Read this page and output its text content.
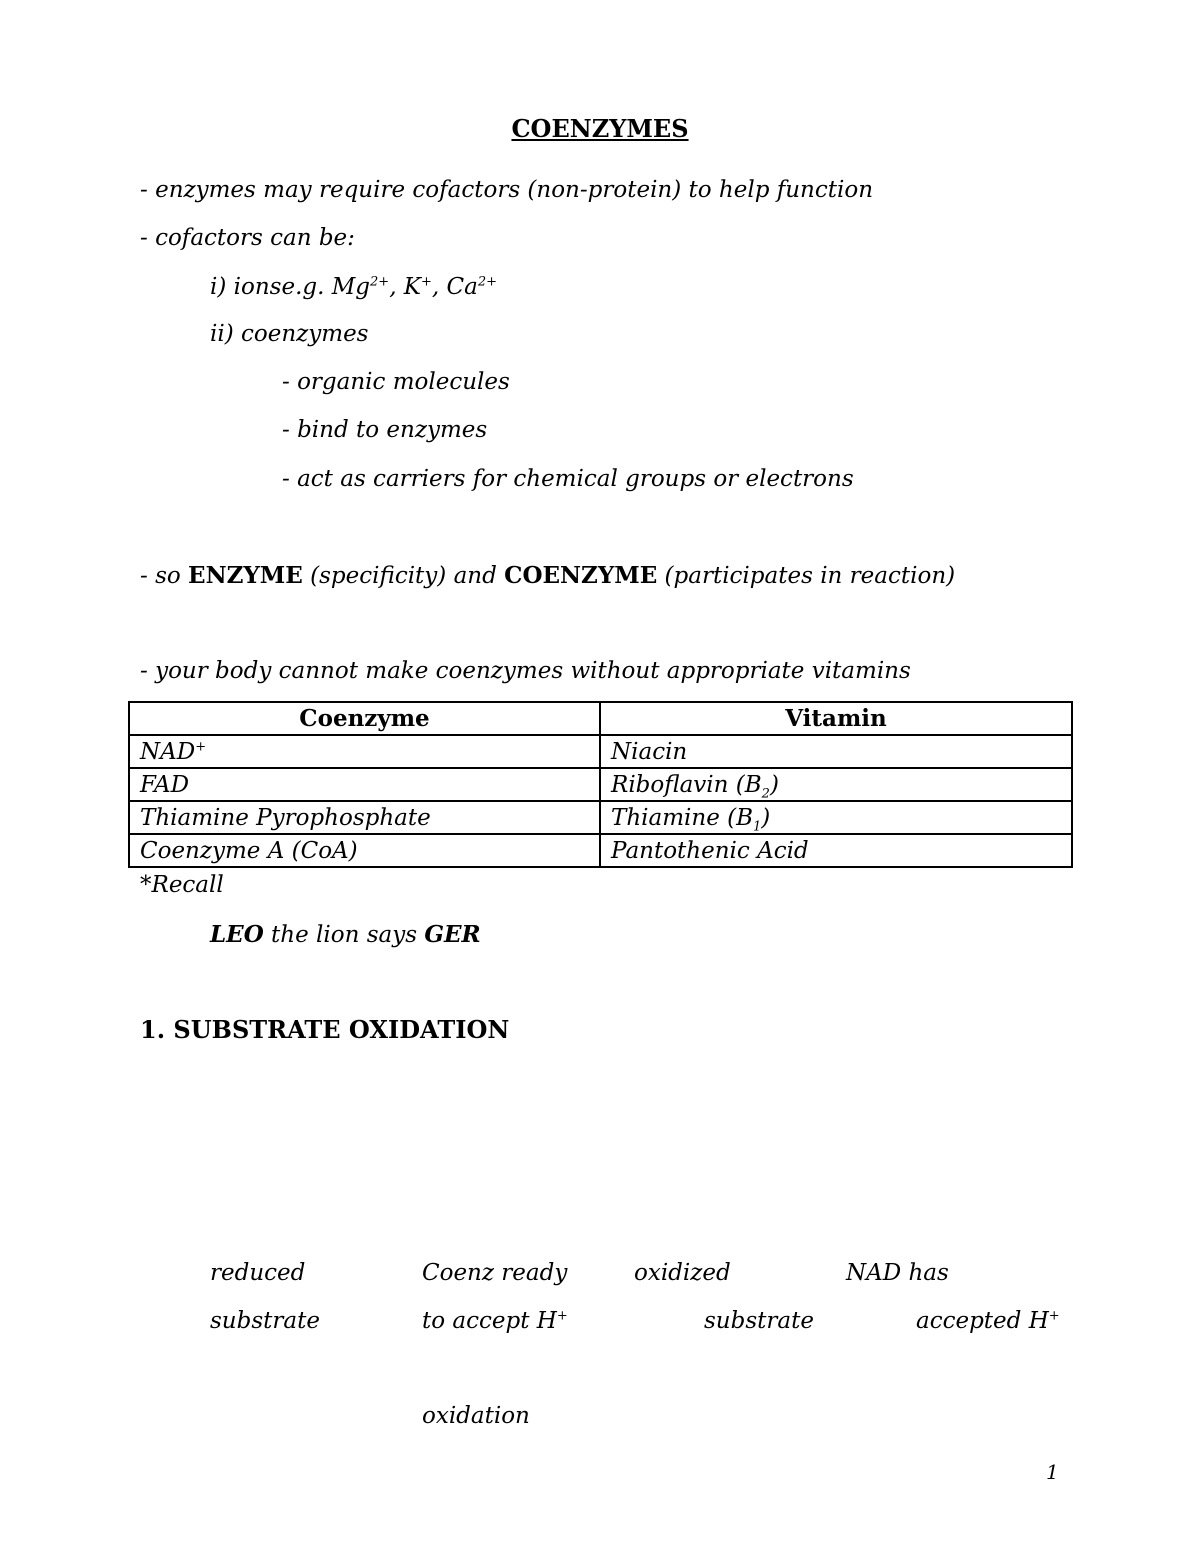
COENZYMES
- enzymes may require cofactors (non-protein) to help function
- cofactors can be:
i) ionse.g. $Mg^{2+}$, K+, $Ca^{2+}$
ii) coenzymes
- organic molecules
- bind to enzymes
- act as carriers for chemical groups or electrons
- so ENZYME (specificity) and COENZYME (participates in reaction)
- your body cannot make coenzymes without appropriate vitamins
Coenzyme	Vitamin
NAD+	Niacin
FAD	Riboflavin $(B_2)$
Thiamine Pyrophosphate	Thiamine $(B_1)$
Coenzyme A (CoA)	Pantothenic Acid
*Recall
LEO the lion says GER
1. SUBSTRATE OXIDATION
reduced
substrate
Coenz ready
to accept H+
oxidized
substrate
NAD has
accepted H+
oxidation
1
